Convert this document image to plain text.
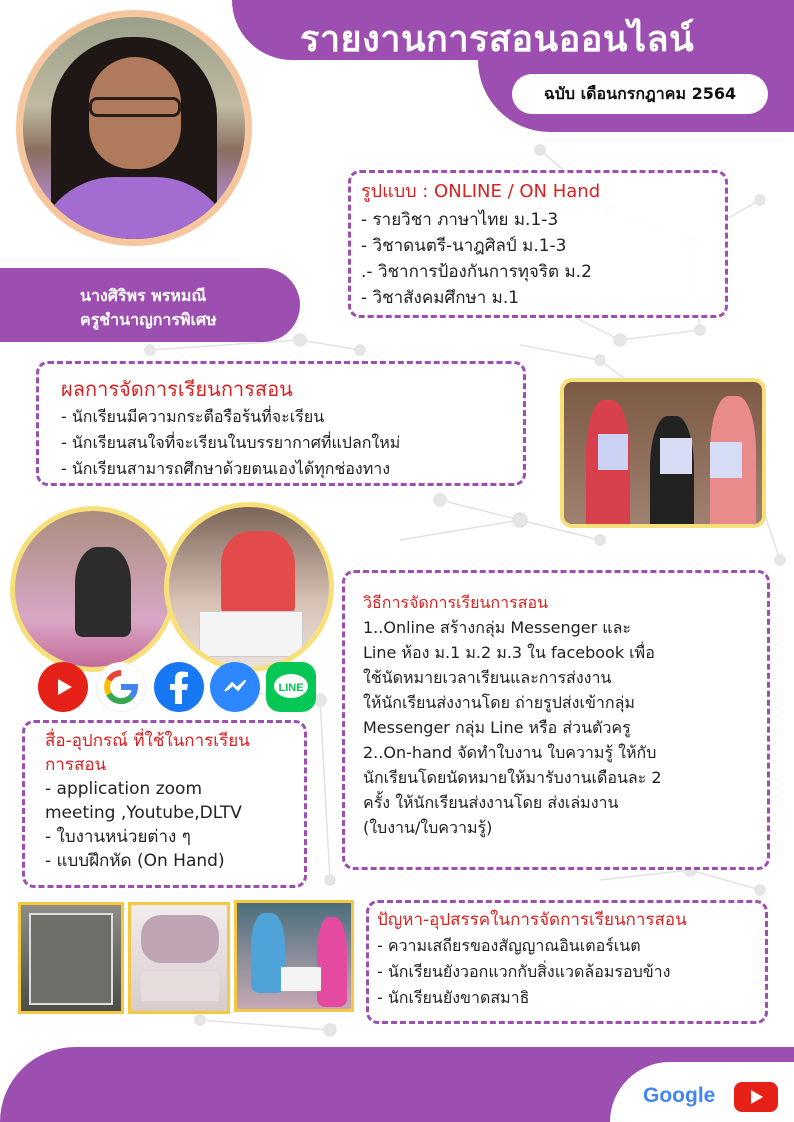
รายงานการสอนออนไลน์
ฉบับ เดือนกรกฎาคม 2564
นางศิริพร พรหมณี
ครูชำนาญการพิเศษ
รูปแบบ : ONLINE / ON Hand
- รายวิชา ภาษาไทย ม.1-3
- วิชาดนตรี-นาฎศิลป์ ม.1-3
.- วิชาการป้องกันการทุจริต ม.2
- วิชาสังคมศึกษา ม.1
ผลการจัดการเรียนการสอน
- นักเรียนมีความกระตือรือร้นที่จะเรียน
- นักเรียนสนใจที่จะเรียนในบรรยากาศที่แปลกใหม่
- นักเรียนสามารถศึกษาด้วยตนเองได้ทุกช่องทาง
LINE
สื่อ-อุปกรณ์ ที่ใช้ในการเรียน
การสอน
- application zoom
meeting ,Youtube,DLTV
- ใบงานหน่วยต่าง ๆ
- แบบฝึกหัด (On Hand)
วิธีการจัดการเรียนการสอน
1..Online สร้างกลุ่ม Messenger และ
Line ห้อง ม.1 ม.2 ม.3 ใน facebook เพื่อ
ใช้นัดหมายเวลาเรียนและการส่งงาน
ให้นักเรียนส่งงานโดย ถ่ายรูปส่งเข้ากลุ่ม
Messenger กลุ่ม Line หรือ ส่วนตัวครู
2..On-hand จัดทำใบงาน ใบความรู้ ให้กับ
นักเรียนโดยนัดหมายให้มารับงานเดือนละ 2
ครั้ง ให้นักเรียนส่งงานโดย ส่งเล่มงาน
(ใบงาน/ใบความรู้)
ปัญหา-อุปสรรคในการจัดการเรียนการสอน
- ความเสถียรของสัญญาณอินเตอร์เนต
- นักเรียนยังวอกแวกกับสิ่งแวดล้อมรอบข้าง
- นักเรียนยังขาดสมาธิ
Google
